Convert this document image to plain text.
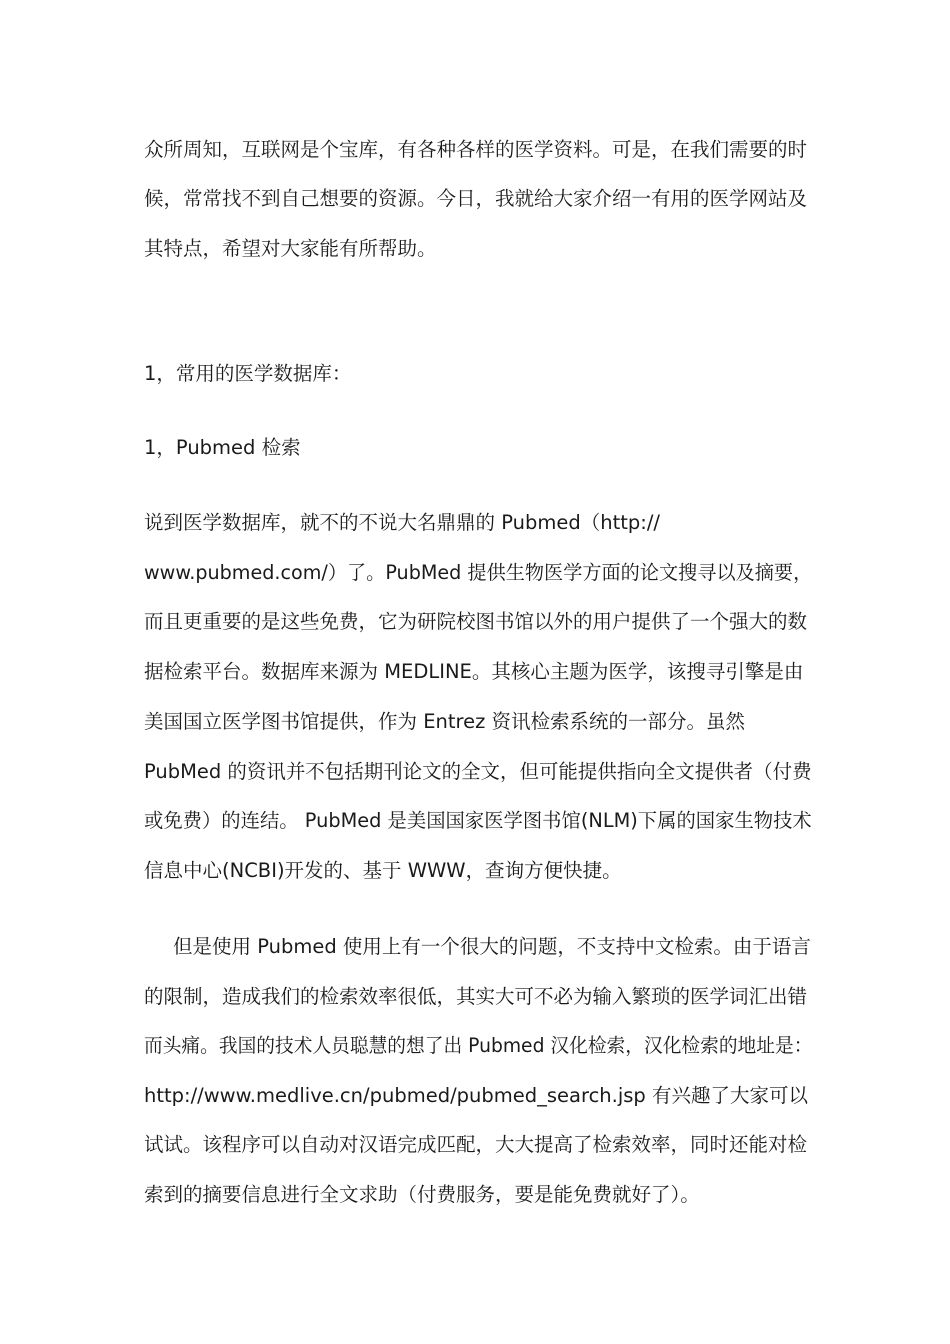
众所周知，互联网是个宝库，有各种各样的医学资料。可是，在我们需要的时
候，常常找不到自己想要的资源。今日，我就给大家介绍一有用的医学网站及
其特点，希望对大家能有所帮助。
1，常用的医学数据库：
1，Pubmed 检索
说到医学数据库，就不的不说大名鼎鼎的 Pubmed（http://
www.pubmed.com/）了。PubMed 提供生物医学方面的论文搜寻以及摘要，
而且更重要的是这些免费，它为研院校图书馆以外的用户提供了一个强大的数
据检索平台。数据库来源为 MEDLINE。其核心主题为医学，该搜寻引擎是由
美国国立医学图书馆提供，作为 Entrez 资讯检索系统的一部分。虽然
PubMed 的资讯并不包括期刊论文的全文，但可能提供指向全文提供者（付费
或免费）的连结。 PubMed 是美国国家医学图书馆(NLM)下属的国家生物技术
信息中心(NCBI)开发的、基于 WWW，查询方便快捷。
但是使用 Pubmed 使用上有一个很大的问题，不支持中文检索。由于语言
的限制，造成我们的检索效率很低，其实大可不必为输入繁琐的医学词汇出错
而头痛。我国的技术人员聪慧的想了出 Pubmed 汉化检索，汉化检索的地址是：
http://www.medlive.cn/pubmed/pubmed_search.jsp 有兴趣了大家可以
试试。该程序可以自动对汉语完成匹配，大大提高了检索效率，同时还能对检
索到的摘要信息进行全文求助（付费服务，要是能免费就好了）。
